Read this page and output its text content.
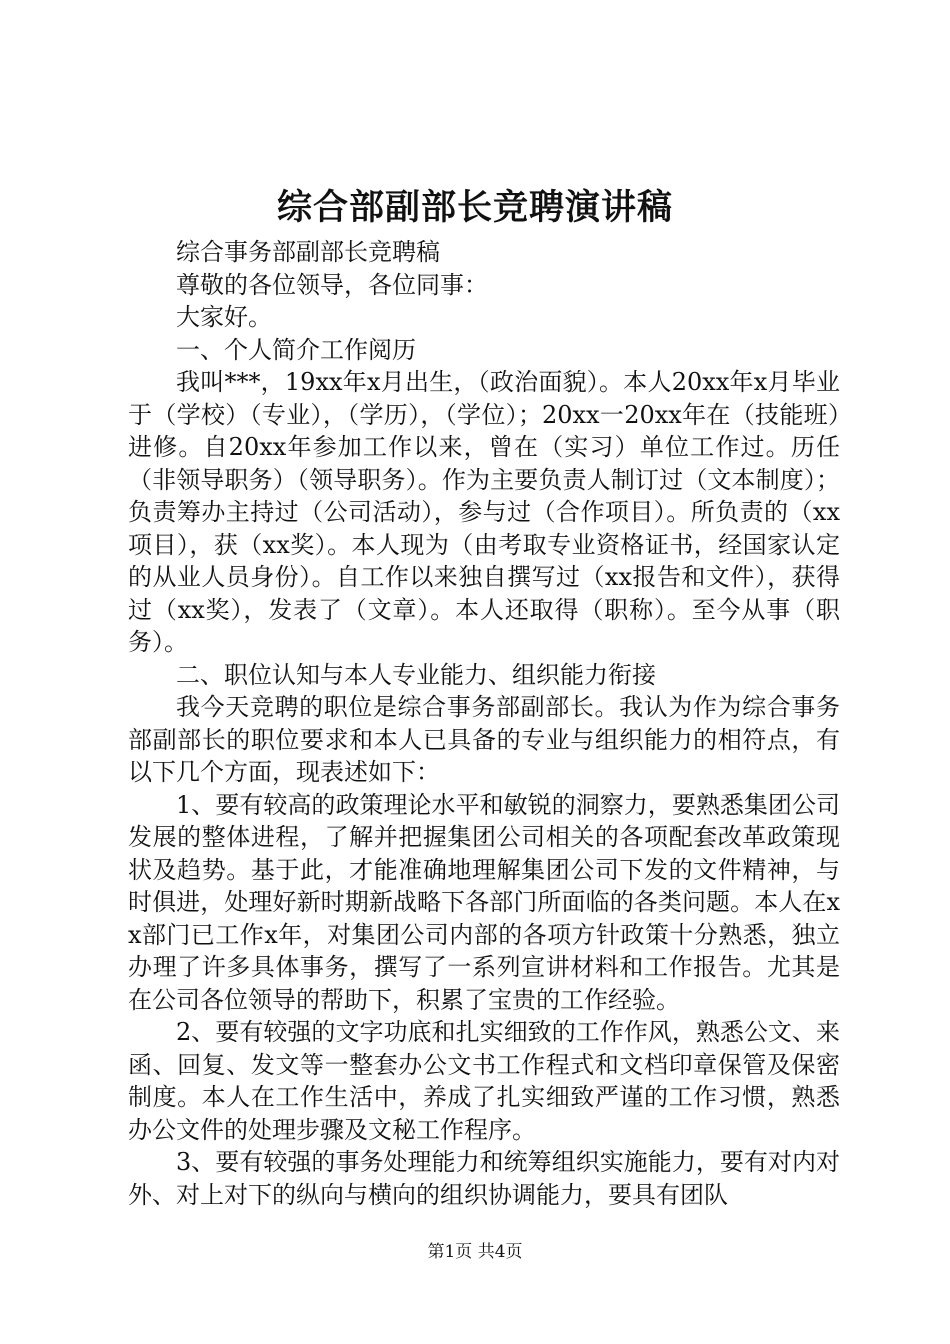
综合部副部长竞聘演讲稿

综合事务部副部长竞聘稿

尊敬的各位领导，各位同事：

大家好。

一、个人简介工作阅历

我叫***，19xx年x月出生，（政治面貌）。本人20xx年x月毕业于（学校）（专业），（学历），（学位）；20xx一20xx年在（技能班）进修。自20xx年参加工作以来，曾在（实习）单位工作过。历任（非领导职务）（领导职务）。作为主要负责人制订过（文本制度）；负责筹办主持过（公司活动），参与过（合作项目）。所负责的（xx项目），获（xx奖）。本人现为（由考取专业资格证书，经国家认定的从业人员身份）。自工作以来独自撰写过（xx报告和文件），获得过（xx奖），发表了（文章）。本人还取得（职称）。至今从事（职务）。

二、职位认知与本人专业能力、组织能力衔接

我今天竞聘的职位是综合事务部副部长。我认为作为综合事务部副部长的职位要求和本人已具备的专业与组织能力的相符点，有以下几个方面，现表述如下：

1、要有较高的政策理论水平和敏锐的洞察力，要熟悉集团公司发展的整体进程，了解并把握集团公司相关的各项配套改革政策现状及趋势。基于此，才能准确地理解集团公司下发的文件精神，与时俱进，处理好新时期新战略下各部门所面临的各类问题。本人在xx部门已工作x年，对集团公司内部的各项方针政策十分熟悉，独立办理了许多具体事务，撰写了一系列宣讲材料和工作报告。尤其是在公司各位领导的帮助下，积累了宝贵的工作经验。

2、要有较强的文字功底和扎实细致的工作作风，熟悉公文、来函、回复、发文等一整套办公文书工作程式和文档印章保管及保密制度。本人在工作生活中，养成了扎实细致严谨的工作习惯，熟悉办公文件的处理步骤及文秘工作程序。

3、要有较强的事务处理能力和统筹组织实施能力，要有对内对外、对上对下的纵向与横向的组织协调能力，要具有团队

第1页 共4页
